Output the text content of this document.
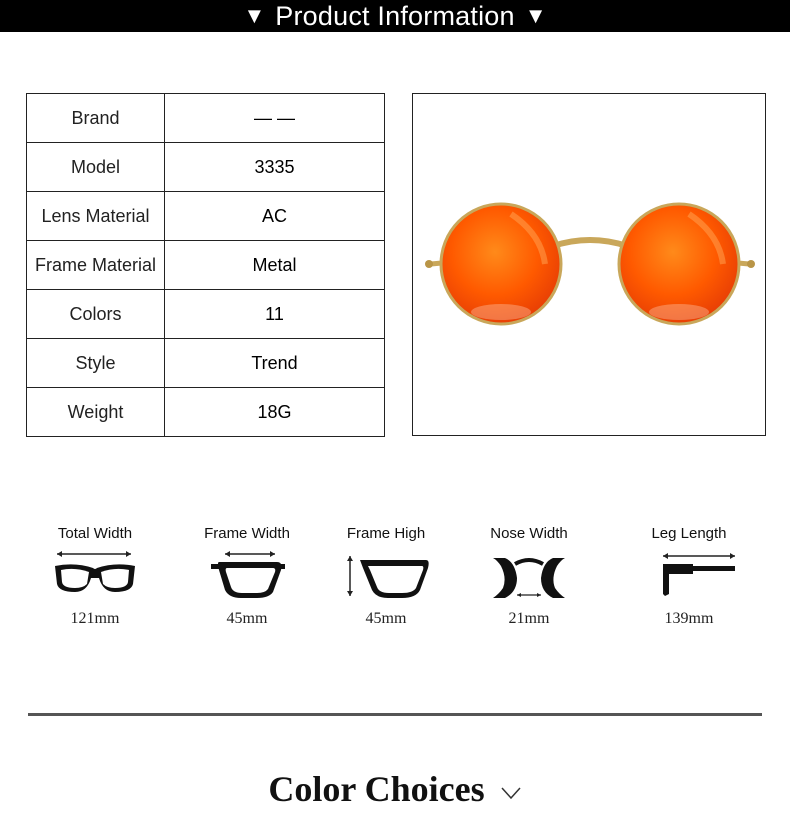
▼ Product Information ▼
Brand	— —
Model	3335
Lens Material	AC
Frame Material	Metal
Colors	11
Style	Trend
Weight	18G
Total Width
121mm
Frame Width
45mm
Frame High
45mm
Nose Width
21mm
Leg Length
139mm
Color Choices
